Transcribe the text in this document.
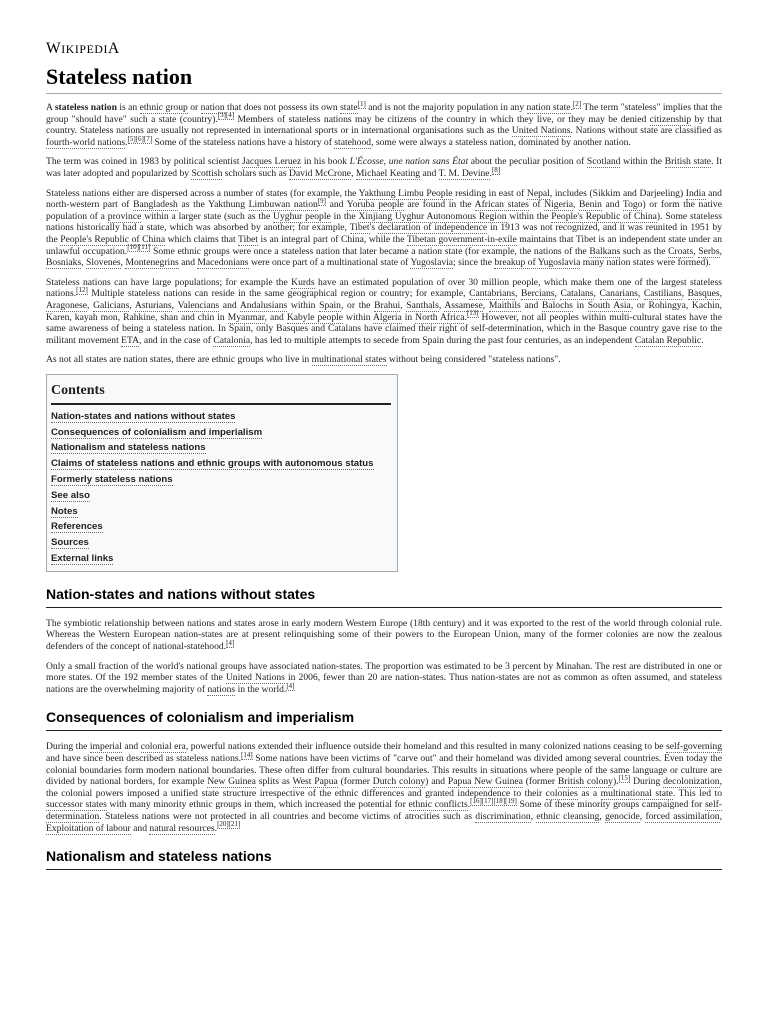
WIKIPEDIA
Stateless nation

A stateless nation is an ethnic group or nation that does not possess its own state[1] and is not the majority population in any nation state.[2] The term "stateless" implies that the group "should have" such a state (country).[3][4] Members of stateless nations may be citizens of the country in which they live, or they may be denied citizenship by that country. Stateless nations are usually not represented in international sports or in international organisations such as the United Nations. Nations without state are classified as fourth-world nations.[5][6][7] Some of the stateless nations have a history of statehood, some were always a stateless nation, dominated by another nation.

The term was coined in 1983 by political scientist Jacques Leruez in his book L'Écosse, une nation sans État about the peculiar position of Scotland within the British state. It was later adopted and popularized by Scottish scholars such as David McCrone, Michael Keating and T. M. Devine.[8]

Stateless nations either are dispersed across a number of states (for example, the Yakthung Limbu People residing in east of Nepal, includes (Sikkim and Darjeeling) India and north-western part of Bangladesh as the Yakthung Limbuwan nation[9] and Yoruba people are found in the African states of Nigeria, Benin and Togo) or form the native population of a province within a larger state (such as the Uyghur people in the Xinjiang Uyghur Autonomous Region within the People's Republic of China). Some stateless nations historically had a state, which was absorbed by another; for example, Tibet's declaration of independence in 1913 was not recognized, and it was reunited in 1951 by the People's Republic of China which claims that Tibet is an integral part of China, while the Tibetan government-in-exile maintains that Tibet is an independent state under an unlawful occupation.[10][11] Some ethnic groups were once a stateless nation that later became a nation state (for example, the nations of the Balkans such as the Croats, Serbs, Bosniaks, Slovenes, Montenegrins and Macedonians were once part of a multinational state of Yugoslavia; since the breakup of Yugoslavia many nation states were formed).

Stateless nations can have large populations; for example the Kurds have an estimated population of over 30 million people, which make them one of the largest stateless nations.[12] Multiple stateless nations can reside in the same geographical region or country; for example, Cantabrians, Bercians, Catalans, Canarians, Castilians, Basques, Aragonese, Galicians, Asturians, Valencians and Andalusians within Spain, or the Brahui, Santhals, Assamese, Maithils and Balochs in South Asia, or Rohingya, Kachin, Karen, kayah mon, Rahkine, shan and chin in Myanmar, and Kabyle people within Algeria in North Africa.[13] However, not all peoples within multi-cultural states have the same awareness of being a stateless nation. In Spain, only Basques and Catalans have claimed their right of self-determination, which in the Basque country gave rise to the militant movement ETA, and in the case of Catalonia, has led to multiple attempts to secede from Spain during the past four centuries, as an independent Catalan Republic.

As not all states are nation states, there are ethnic groups who live in multinational states without being considered "stateless nations".

Contents
Nation-states and nations without states
Consequences of colonialism and imperialism
Nationalism and stateless nations
Claims of stateless nations and ethnic groups with autonomous status
Formerly stateless nations
See also
Notes
References
Sources
External links
Nation-states and nations without states

The symbiotic relationship between nations and states arose in early modern Western Europe (18th century) and it was exported to the rest of the world through colonial rule. Whereas the Western European nation-states are at present relinquishing some of their powers to the European Union, many of the former colonies are now the zealous defenders of the concept of national-statehood.[4]

Only a small fraction of the world's national groups have associated nation-states. The proportion was estimated to be 3 percent by Minahan. The rest are distributed in one or more states. Of the 192 member states of the United Nations in 2006, fewer than 20 are nation-states. Thus nation-states are not as common as often assumed, and stateless nations are the overwhelming majority of nations in the world.[4]

Consequences of colonialism and imperialism

During the imperial and colonial era, powerful nations extended their influence outside their homeland and this resulted in many colonized nations ceasing to be self-governing and have since been described as stateless nations.[14] Some nations have been victims of "carve out" and their homeland was divided among several countries. Even today the colonial boundaries form modern national boundaries. These often differ from cultural boundaries. This results in situations where people of the same language or culture are divided by national borders, for example New Guinea splits as West Papua (former Dutch colony) and Papua New Guinea (former British colony).[15] During decolonization, the colonial powers imposed a unified state structure irrespective of the ethnic differences and granted independence to their colonies as a multinational state. This led to successor states with many minority ethnic groups in them, which increased the potential for ethnic conflicts.[16][17][18][19] Some of these minority groups campaigned for self-determination. Stateless nations were not protected in all countries and become victims of atrocities such as discrimination, ethnic cleansing, genocide, forced assimilation, Exploitation of labour and natural resources.[20][21]

Nationalism and stateless nations
